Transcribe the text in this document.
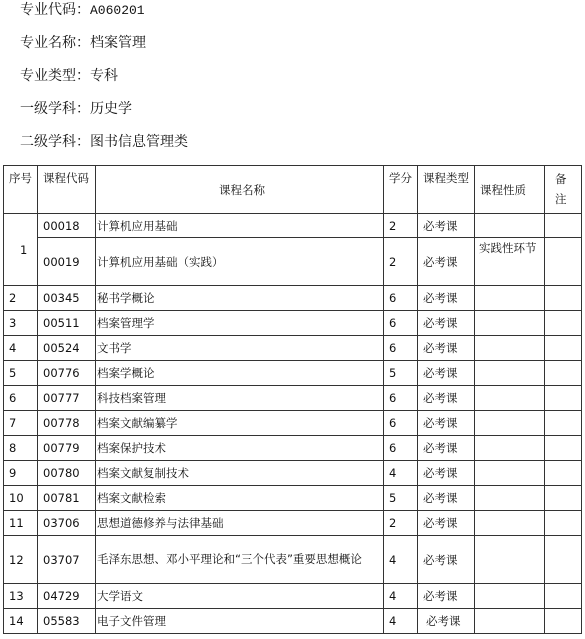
专业代码：A060201
专业名称：档案管理
专业类型：专科
一级学科：历史学
二级学科：图书信息管理类
序号	课程代码	课程名称	学分	课程类型	课程性质	备
注

1	00018	计算机应用基础	2	必考课		
	00019	计算机应用基础（实践）	2	必考课	实践性环节	
2	00345	秘书学概论	6	必考课		
3	00511	档案管理学	6	必考课		
4	00524	文书学	6	必考课		
5	00776	档案学概论	5	必考课		
6	00777	科技档案管理	6	必考课		
7	00778	档案文献编纂学	6	必考课		
8	00779	档案保护技术	6	必考课		
9	00780	档案文献复制技术	4	必考课		
10	00781	档案文献检索	5	必考课		
11	03706	思想道德修养与法律基础	2	必考课		
12	03707	毛泽东思想、邓小平理论和“三个代表”重要思想概论	4	必考课		
13	04729	大学语文	4	必考课		
14	05583	电子文件管理	4	必考课		
